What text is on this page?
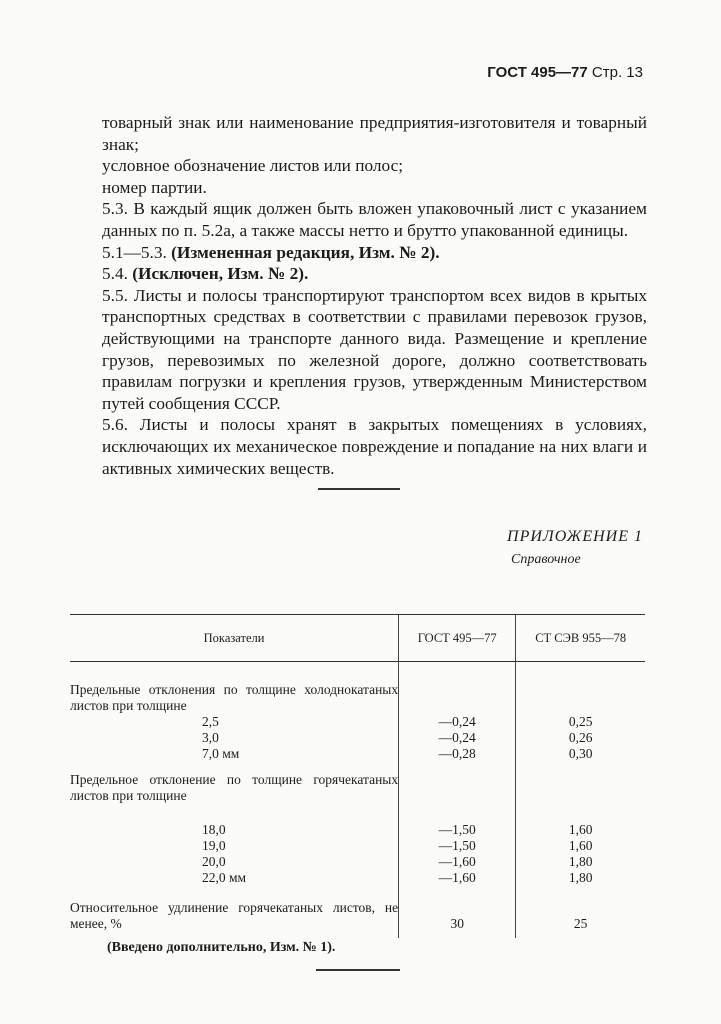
ГОСТ 495—77 Стр. 13

товарный знак или наименование предприятия-изготовителя и товарный знак;

условное обозначение листов или полос;

номер партии.

5.3. В каждый ящик должен быть вложен упаковочный лист с указанием данных по п. 5.2а, а также массы нетто и брутто упакованной единицы.

5.1—5.3. (Измененная редакция, Изм. № 2).

5.4. (Исключен, Изм. № 2).

5.5. Листы и полосы транспортируют транспортом всех видов в крытых транспортных средствах в соответствии с правилами перевозок грузов, действующими на транспорте данного вида. Размещение и крепление грузов, перевозимых по железной дороге, должно соответствовать правилам погрузки и крепления грузов, утвержденным Министерством путей сообщения СССР.

5.6. Листы и полосы хранят в закрытых помещениях в условиях, исключающих их механическое повреждение и попадание на них влаги и активных химических веществ.

ПРИЛОЖЕНИЕ 1
Справочное
Показатели	ГОСТ 495—77	СТ СЭВ 955—78

Предельные отклонения по толщине холоднокатаных листов при толщине		

2,5	—0,24	0,25

3,0	—0,24	0,26

7,0 мм	—0,28	0,30

Предельное отклонение по толщине горячекатаных листов при толщине		

18,0	—1,50	1,60

19,0	—1,50	1,60

20,0	—1,60	1,80

22,0 мм	—1,60	1,80

Относительное удлинение горячекатаных листов, не менее, %	30	25

(Введено дополнительно, Изм. № 1).
